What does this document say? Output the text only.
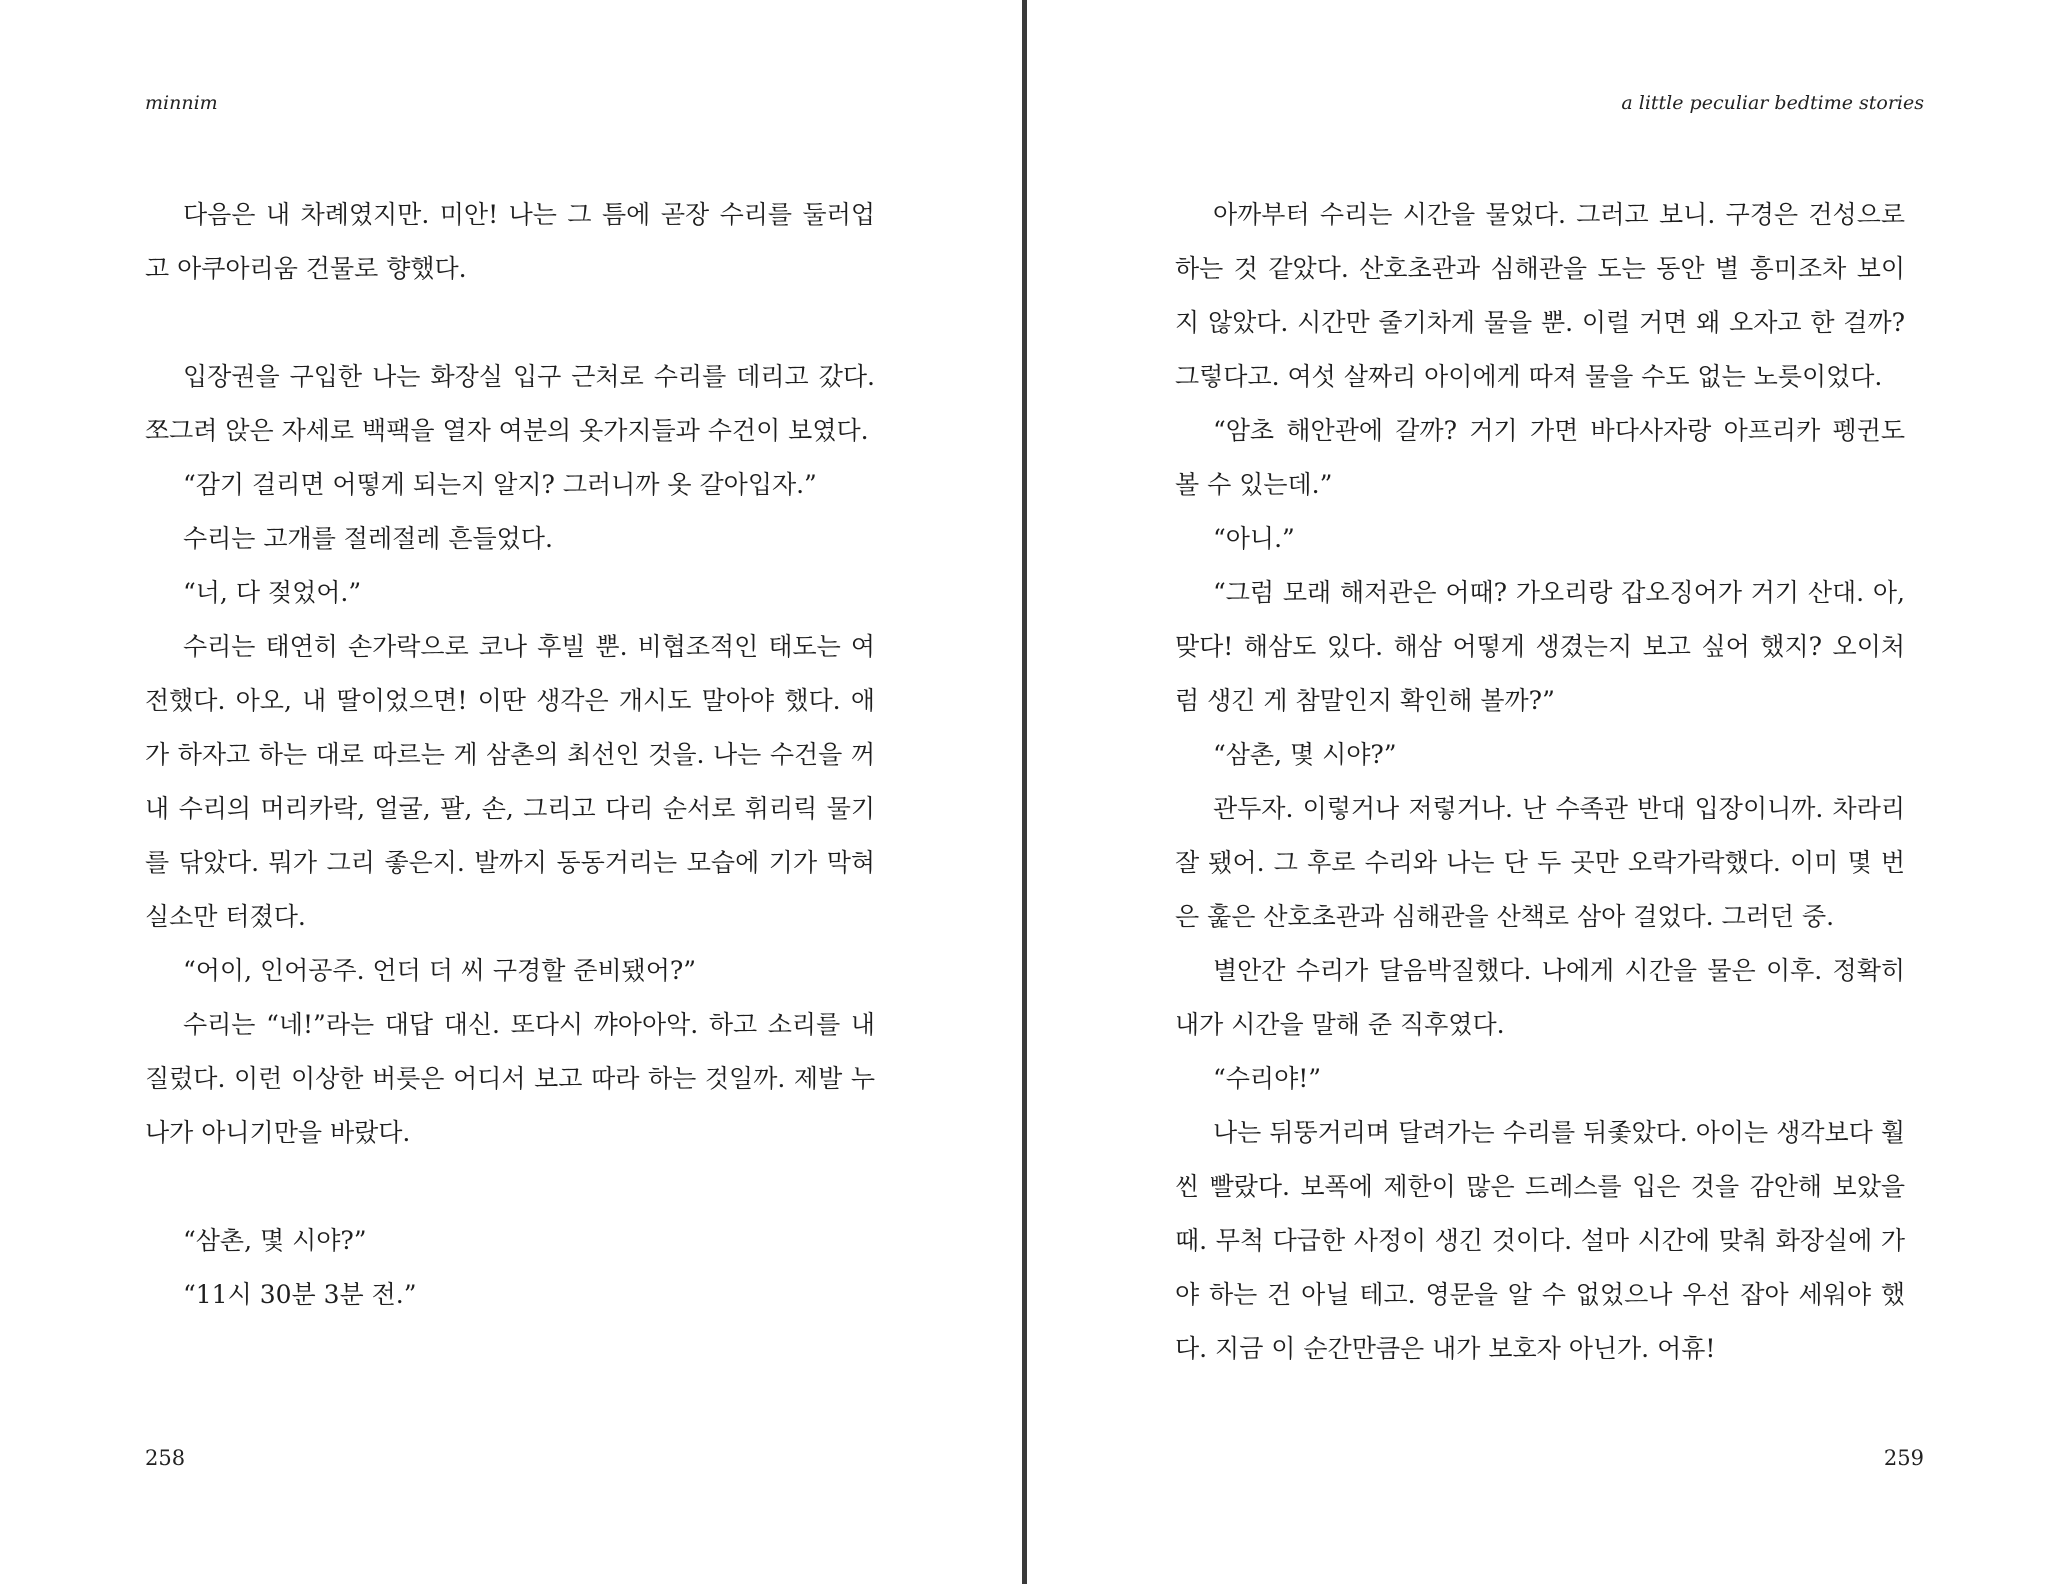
minnim

다음은 내 차례였지만. 미안! 나는 그 틈에 곧장 수리를 둘러업고 아쿠아리움 건물로 향했다.

입장권을 구입한 나는 화장실 입구 근처로 수리를 데리고 갔다. 쪼그려 앉은 자세로 백팩을 열자 여분의 옷가지들과 수건이 보였다.

“감기 걸리면 어떻게 되는지 알지? 그러니까 옷 갈아입자.”

수리는 고개를 절레절레 흔들었다.

“너, 다 젖었어.”

수리는 태연히 손가락으로 코나 후빌 뿐. 비협조적인 태도는 여전했다. 아오, 내 딸이었으면! 이딴 생각은 개시도 말아야 했다. 애가 하자고 하는 대로 따르는 게 삼촌의 최선인 것을. 나는 수건을 꺼내 수리의 머리카락, 얼굴, 팔, 손, 그리고 다리 순서로 휘리릭 물기를 닦았다. 뭐가 그리 좋은지. 발까지 동동거리는 모습에 기가 막혀 실소만 터졌다.

“어이, 인어공주. 언더 더 씨 구경할 준비됐어?”

수리는 “네!”라는 대답 대신. 또다시 꺄아아악. 하고 소리를 내질렀다. 이런 이상한 버릇은 어디서 보고 따라 하는 것일까. 제발 누나가 아니기만을 바랐다.

“삼촌, 몇 시야?”

“11시 30분 3분 전.”

258
a little peculiar bedtime stories

아까부터 수리는 시간을 물었다. 그러고 보니. 구경은 건성으로 하는 것 같았다. 산호초관과 심해관을 도는 동안 별 흥미조차 보이지 않았다. 시간만 줄기차게 물을 뿐. 이럴 거면 왜 오자고 한 걸까? 그렇다고. 여섯 살짜리 아이에게 따져 물을 수도 없는 노릇이었다.

“암초 해안관에 갈까? 거기 가면 바다사자랑 아프리카 펭귄도 볼 수 있는데.”

“아니.”

“그럼 모래 해저관은 어때? 가오리랑 갑오징어가 거기 산대. 아, 맞다! 해삼도 있다. 해삼 어떻게 생겼는지 보고 싶어 했지? 오이처럼 생긴 게 참말인지 확인해 볼까?”

“삼촌, 몇 시야?”

관두자. 이렇거나 저렇거나. 난 수족관 반대 입장이니까. 차라리 잘 됐어. 그 후로 수리와 나는 단 두 곳만 오락가락했다. 이미 몇 번은 훑은 산호초관과 심해관을 산책로 삼아 걸었다. 그러던 중.

별안간 수리가 달음박질했다. 나에게 시간을 물은 이후. 정확히 내가 시간을 말해 준 직후였다.

“수리야!”

나는 뒤뚱거리며 달려가는 수리를 뒤좇았다. 아이는 생각보다 훨씬 빨랐다. 보폭에 제한이 많은 드레스를 입은 것을 감안해 보았을 때. 무척 다급한 사정이 생긴 것이다. 설마 시간에 맞춰 화장실에 가야 하는 건 아닐 테고. 영문을 알 수 없었으나 우선 잡아 세워야 했다. 지금 이 순간만큼은 내가 보호자 아닌가. 어휴!

259
